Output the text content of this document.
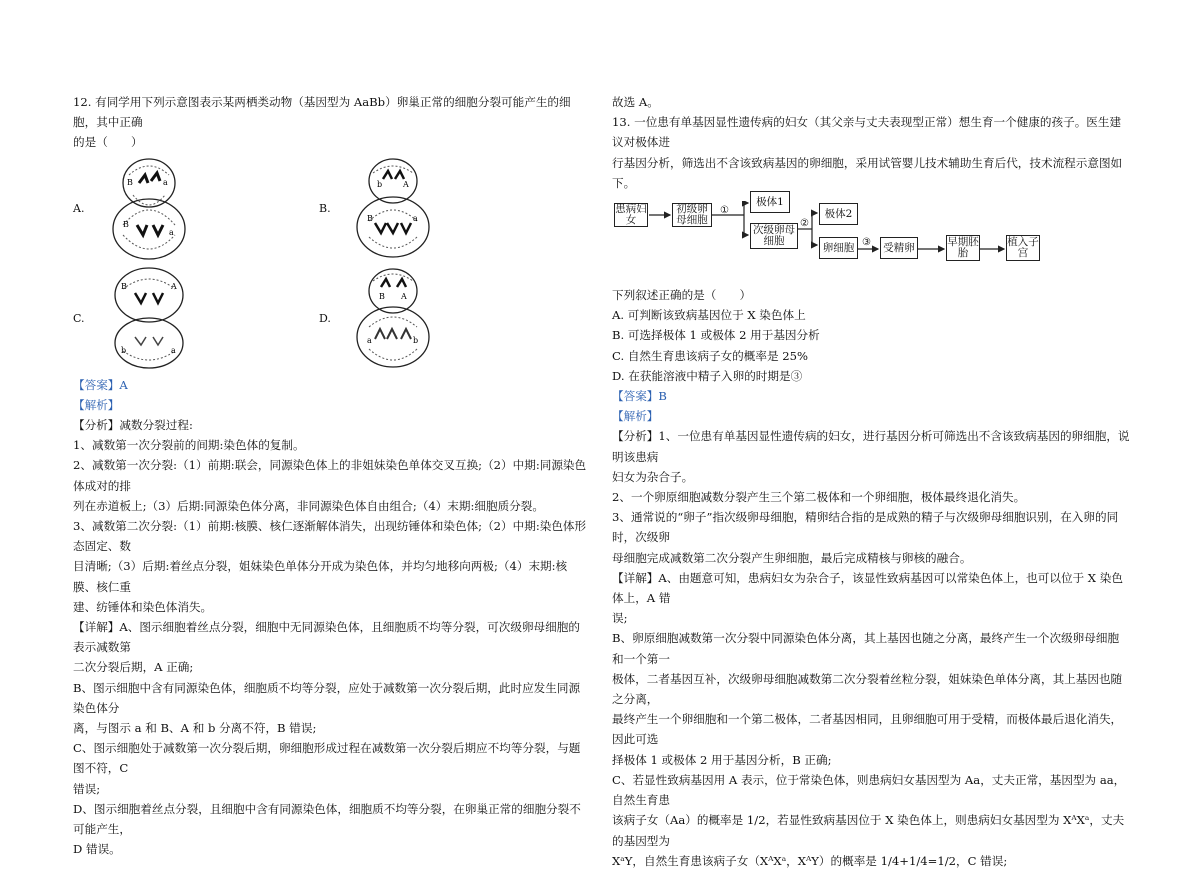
12. 有同学用下列示意图表示某两栖类动物（基因型为 AaBb）卵巢正常的细胞分裂可能产生的细胞，其中正确

的是（　　）

A.
B	a
B
a
B.
b	A
B	a
C.
B	A
b	a
D.
B A
a	b

【答案】A

【解析】

【分析】减数分裂过程:

1、减数第一次分裂前的间期:染色体的复制。

2、减数第一次分裂:（1）前期:联会，同源染色体上的非姐妹染色单体交叉互换;（2）中期:同源染色体成对的排

列在赤道板上;（3）后期:同源染色体分离，非同源染色体自由组合;（4）末期:细胞质分裂。

3、减数第二次分裂:（1）前期:核膜、核仁逐渐解体消失，出现纺锤体和染色体;（2）中期:染色体形态固定、数

目清晰;（3）后期:着丝点分裂，姐妹染色单体分开成为染色体，并均匀地移向两极;（4）末期:核膜、核仁重

建、纺锤体和染色体消失。

【详解】A、图示细胞着丝点分裂，细胞中无同源染色体，且细胞质不均等分裂，可次级卵母细胞的表示减数第

二次分裂后期，A 正确;

B、图示细胞中含有同源染色体，细胞质不均等分裂，应处于减数第一次分裂后期，此时应发生同源染色体分

离，与图示 a 和 B、A 和 b 分离不符，B 错误;

C、图示细胞处于减数第一次分裂后期，卵细胞形成过程在减数第一次分裂后期应不均等分裂，与题图不符，C

错误;

D、图示细胞着丝点分裂，且细胞中含有同源染色体，细胞质不均等分裂，在卵巢正常的细胞分裂不可能产生，

D 错误。

故选 A。

13. 一位患有单基因显性遗传病的妇女（其父亲与丈夫表现型正常）想生育一个健康的孩子。医生建议对极体进

行基因分析，筛选出不含该致病基因的卵细胞，采用试管婴儿技术辅助生育后代，技术流程示意图如下。

患病妇女
初级卵母细胞
①
极体1
次级卵母细胞
②
极体2
卵细胞 ③	受精卵	早期胚胎
植入子宫

下列叙述正确的是（　　）

A. 可判断该致病基因位于 X 染色体上

B. 可选择极体 1 或极体 2 用于基因分析

C. 自然生育患该病子女的概率是 25%

D. 在获能溶液中精子入卵的时期是③

【答案】B

【解析】

【分析】1、一位患有单基因显性遗传病的妇女，进行基因分析可筛选出不含该致病基因的卵细胞，说明该患病

妇女为杂合子。

2、一个卵原细胞减数分裂产生三个第二极体和一个卵细胞，极体最终退化消失。

3、通常说的“卵子”指次级卵母细胞，精卵结合指的是成熟的精子与次级卵母细胞识别，在入卵的同时，次级卵

母细胞完成减数第二次分裂产生卵细胞，最后完成精核与卵核的融合。

【详解】A、由题意可知，患病妇女为杂合子，该显性致病基因可以常染色体上，也可以位于 X 染色体上，A 错

误;

B、卵原细胞减数第一次分裂中同源染色体分离，其上基因也随之分离，最终产生一个次级卵母细胞和一个第一

极体，二者基因互补，次级卵母细胞减数第二次分裂着丝粒分裂，姐妹染色单体分离，其上基因也随之分离，

最终产生一个卵细胞和一个第二极体，二者基因相同，且卵细胞可用于受精，而极体最后退化消失，因此可选

择极体 1 或极体 2 用于基因分析，B 正确;

C、若显性致病基因用 A 表示，位于常染色体，则患病妇女基因型为 Aa，丈夫正常，基因型为 aa，自然生育患

该病子女（Aa）的概率是 1/2，若显性致病基因位于 X 染色体上，则患病妇女基因型为 XᴬXᵃ，丈夫的基因型为

XᵃY，自然生育患该病子女（XᴬXᵃ，XᴬY）的概率是 1/4+1/4=1/2，C 错误;
